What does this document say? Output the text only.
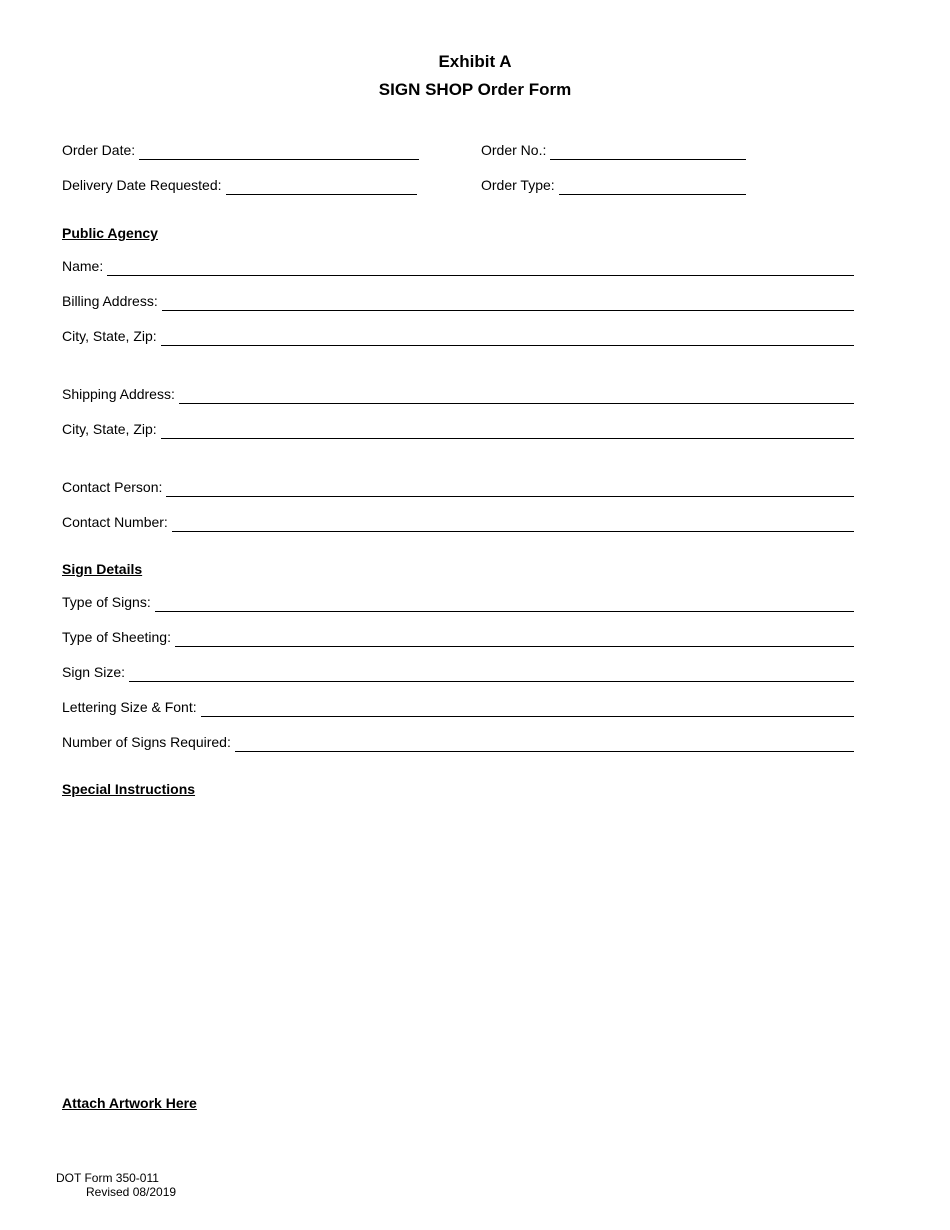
Exhibit A
SIGN SHOP Order Form
Order Date:	Order No.:
Delivery Date Requested:	Order Type:
Public Agency
Name:
Billing Address:
City, State, Zip:
Shipping Address:
City, State, Zip:
Contact Person:
Contact Number:
Sign Details
Type of Signs:
Type of Sheeting:
Sign Size:
Lettering Size & Font:
Number of Signs Required:
Special Instructions
Attach Artwork Here
DOT Form 350-011
Revised 08/2019
